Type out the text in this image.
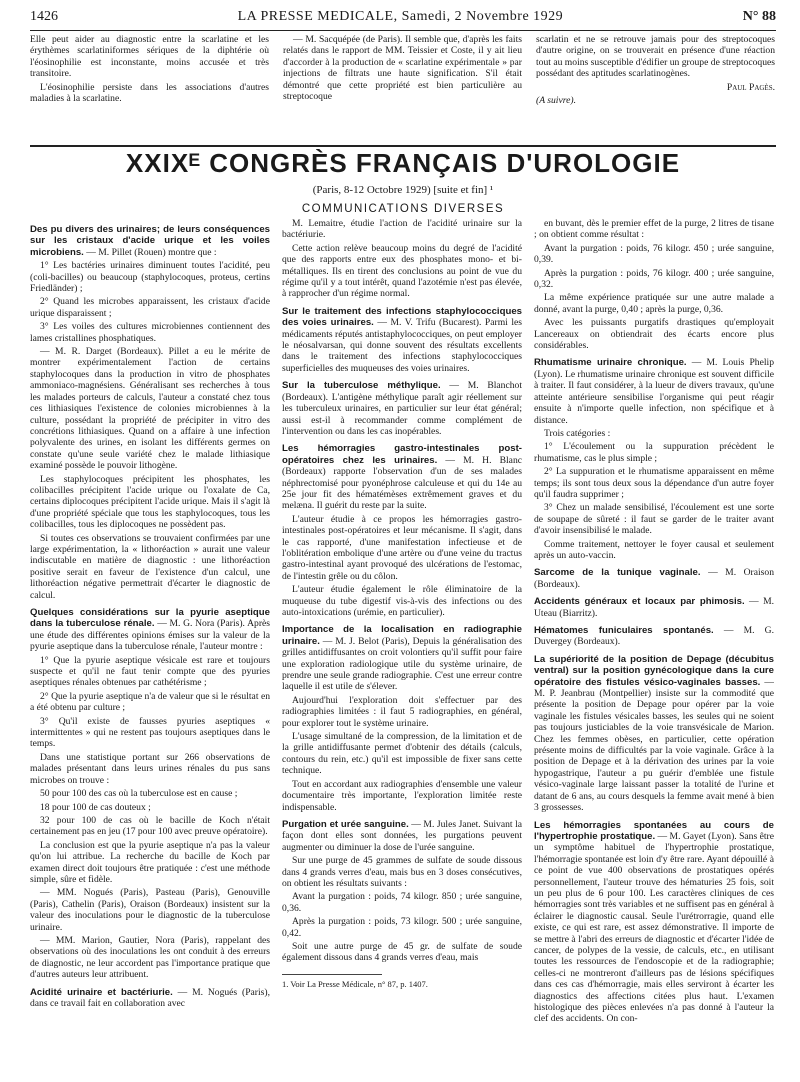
1426	LA PRESSE MEDICALE, Samedi, 2 Novembre 1929	N° 88

Elle peut aider au diagnostic entre la scarlatine et les érythèmes scarlatiniformes sériques de la diphtérie où l'éosinophilie est inconstante, moins accusée et très transitoire.

L'éosinophilie persiste dans les associations d'autres maladies à la scarlatine.

— M. Sacquépée (de Paris). Il semble que, d'après les faits relatés dans le rapport de MM. Teissier et Coste, il y ait lieu d'accorder à la production de « scarlatine expérimentale » par injections de filtrats une haute signification. S'il était démontré que cette propriété est bien particulière au streptocoque

scarlatin et ne se retrouve jamais pour des streptocoques d'autre origine, on se trouverait en présence d'une réaction tout au moins susceptible d'édifier un groupe de streptocoques possédant des aptitudes scarlatinogènes.

Paul Pagès.

(A suivre).

XXIXᴱ CONGRÈS FRANÇAIS D'UROLOGIE
(Paris, 8-12 Octobre 1929) [suite et fin] ¹
COMMUNICATIONS DIVERSES

Des pu divers des urinaires; de leurs conséquences sur les cristaux d'acide urique et les voiles microbiens. — M. Pillet (Rouen) montre que :

1° Les bactéries urinaires diminuent toutes l'acidité, peu (coli-bacilles) ou beaucoup (staphylocoques, proteus, certins Friedländer) ;

2° Quand les microbes apparaissent, les cristaux d'acide urique disparaissent ;

3° Les voiles des cultures microbiennes contiennent des lames cristallines phosphatiques.

— M. R. Darget (Bordeaux). Pillet a eu le mérite de montrer expérimentalement l'action de certains staphylocoques dans la production in vitro de phosphates ammoniaco-magnésiens. Généralisant ses recherches à tous les malades porteurs de calculs, l'auteur a constaté chez tous ces lithiasiques l'existence de colonies microbiennes à la culture, possédant la propriété de précipiter in vitro des concrétions lithiasiques. Quand on a affaire à une infection polyvalente des urines, en isolant les différents germes on constate qu'une seule variété chez le malade lithiasique examiné possède le pouvoir lithogène.

Les staphylocoques précipitent les phosphates, les colibacilles précipitent l'acide urique ou l'oxalate de Ca, certains diplocoques précipitent l'acide urique. Mais il s'agit là d'une propriété spéciale que tous les staphylocoques, tous les colibacilles, tous les diplocoques ne possèdent pas.

Si toutes ces observations se trouvaient confirmées par une large expérimentation, la « lithoréaction » aurait une valeur indiscutable en matière de diagnostic : une lithoréaction positive serait en faveur de l'existence d'un calcul, une lithoréaction négative permettrait d'écarter le diagnostic de calcul.

Quelques considérations sur la pyurie aseptique dans la tuberculose rénale. — M. G. Nora (Paris). Après une étude des différentes opinions émises sur la valeur de la pyurie aseptique dans la tuberculose rénale, l'auteur montre :

1° Que la pyurie aseptique vésicale est rare et toujours suspecte et qu'il ne faut tenir compte que des pyuries aseptiques rénales obtenues par cathétérisme ;

2° Que la pyurie aseptique n'a de valeur que si le résultat en a été obtenu par culture ;

3° Qu'il existe de fausses pyuries aseptiques « intermittentes » qui ne restent pas toujours aseptiques dans le temps.

Dans une statistique portant sur 266 observations de malades présentant dans leurs urines rénales du pus sans microbes on trouve :

50 pour 100 des cas où la tuberculose est en cause ;

18 pour 100 de cas douteux ;

32 pour 100 de cas où le bacille de Koch n'était certainement pas en jeu (17 pour 100 avec preuve opératoire).

La conclusion est que la pyurie aseptique n'a pas la valeur qu'on lui attribue. La recherche du bacille de Koch par examen direct doit toujours être pratiquée : c'est une méthode simple, sûre et fidèle.

— MM. Nogués (Paris), Pasteau (Paris), Genouville (Paris), Cathelin (Paris), Oraison (Bordeaux) insistent sur la valeur des inoculations pour le diagnostic de la tuberculose urinaire.

— MM. Marion, Gautier, Nora (Paris), rappelant des observations où des inoculations les ont conduit à des erreurs de diagnostic, ne leur accordent pas l'importance pratique que d'autres auteurs leur attribuent.

Acidité urinaire et bactériurie. — M. Nogués (Paris), dans ce travail fait en collaboration avec

M. Lemaitre, étudie l'action de l'acidité urinaire sur la bactériurie.

Cette action relève beaucoup moins du degré de l'acidité que des rapports entre eux des phosphates mono- et bi-métalliques. Ils en tirent des conclusions au point de vue du régime qu'il y a tout intérêt, quand l'azotémie n'est pas élevée, à rapprocher d'un régime normal.

Sur le traitement des infections staphylococciques des voies urinaires. — M. V. Trifu (Bucarest). Parmi les médicaments réputés antistaphylococciques, on peut employer le néosalvarsan, qui donne souvent des résultats excellents dans le traitement des infections staphylococciques superficielles des muqueuses des voies urinaires.

Sur la tuberculose méthylique. — M. Blanchot (Bordeaux). L'antigène méthylique paraît agir réellement sur les tuberculeux urinaires, en particulier sur leur état général; aussi est-il à recommander comme complément de l'intervention ou dans les cas inopérables.

Les hémorragies gastro-intestinales post-opératoires chez les urinaires. — M. H. Blanc (Bordeaux) rapporte l'observation d'un de ses malades néphrectomisé pour pyonéphrose calculeuse et qui du 14e au 25e jour fit des hématémèses extrêmement graves et du melæna. Il guérit du reste par la suite.

L'auteur étudie à ce propos les hémorragies gastro-intestinales post-opératoires et leur mécanisme. Il s'agit, dans le cas rapporté, d'une manifestation infectieuse et de l'oblitération embolique d'une artère ou d'une veine du tractus gastro-intestinal ayant provoqué des ulcérations de l'estomac, de l'intestin grêle ou du côlon.

L'auteur étudie également le rôle éliminatoire de la muqueuse du tube digestif vis-à-vis des infections ou des auto-intoxications (urémie, en particulier).

Importance de la localisation en radiographie urinaire. — M. J. Belot (Paris), Depuis la généralisation des grilles antidiffusantes on croit volontiers qu'il suffit pour faire une exploration radiologique utile du système urinaire, de prendre une seule grande radiographie. C'est une erreur contre laquelle il est utile de s'élever.

Aujourd'hui l'exploration doit s'effectuer par des radiographies limitées : il faut 5 radiographies, en général, pour explorer tout le système urinaire.

L'usage simultané de la compression, de la limitation et de la grille antidiffusante permet d'obtenir des détails (calculs, contours du rein, etc.) qu'il est impossible de fixer sans cette technique.

Tout en accordant aux radiographies d'ensemble une valeur documentaire très importante, l'exploration limitée reste indispensable.

Purgation et urée sanguine. — M. Jules Janet. Suivant la façon dont elles sont données, les purgations peuvent augmenter ou diminuer la dose de l'urée sanguine.

Sur une purge de 45 grammes de sulfate de soude dissous dans 4 grands verres d'eau, mais bus en 3 doses consécutives, on obtient les résultats suivants :

Avant la purgation : poids, 74 kilogr. 850 ; urée sanguine, 0,36.

Après la purgation : poids, 73 kilogr. 500 ; urée sanguine, 0,42.

Soit une autre purge de 45 gr. de sulfate de soude également dissous dans 4 grands verres d'eau, mais

1. Voir La Presse Médicale, n° 87, p. 1407.

en buvant, dès le premier effet de la purge, 2 litres de tisane ; on obtient comme résultat :

Avant la purgation : poids, 76 kilogr. 450 ; urée sanguine, 0,39.

Après la purgation : poids, 76 kilogr. 400 ; urée sanguine, 0,32.

La même expérience pratiquée sur une autre malade a donné, avant la purge, 0,40 ; après la purge, 0,36.

Avec les puissants purgatifs drastiques qu'employait Lancereaux on obtiendrait des écarts encore plus considérables.

Rhumatisme urinaire chronique. — M. Louis Phelip (Lyon). Le rhumatisme urinaire chronique est souvent difficile à traiter. Il faut considérer, à la lueur de divers travaux, qu'une atteinte antérieure sensibilise l'organisme qui peut réagir ensuite à n'importe quelle infection, non spécifique et à distance.

Trois catégories :

1° L'écoulement ou la suppuration précèdent le rhumatisme, cas le plus simple ;

2° La suppuration et le rhumatisme apparaissent en même temps; ils sont tous deux sous la dépendance d'un autre foyer qu'il faudra supprimer ;

3° Chez un malade sensibilisé, l'écoulement est une sorte de soupape de sûreté : il faut se garder de le traiter avant d'avoir insensibilisé le malade.

Comme traitement, nettoyer le foyer causal et seulement après un auto-vaccin.

Sarcome de la tunique vaginale. — M. Oraison (Bordeaux).

Accidents généraux et locaux par phimosis. — M. Uteau (Biarritz).

Hématomes funiculaires spontanés. — M. G. Duvergey (Bordeaux).

La supériorité de la position de Depage (décubitus ventral) sur la position gynécologique dans la cure opératoire des fistules vésico-vaginales basses. — M. P. Jeanbrau (Montpellier) insiste sur la commodité que présente la position de Depage pour opérer par la voie vaginale les fistules vésicales basses, les seules qui ne soient pas toujours justiciables de la voie transvésicale de Marion. Chez les femmes obèses, en particulier, cette opération présente moins de difficultés par la voie vaginale. Grâce à la position de Depage et à la dérivation des urines par la voie hypogastrique, l'auteur a pu guérir d'emblée une fistule vésico-vaginale large laissant passer la totalité de l'urine et datant de 6 ans, au cours desquels la femme avait mené à bien 3 grossesses.

Les hémorragies spontanées au cours de l'hypertrophie prostatique. — M. Gayet (Lyon). Sans être un symptôme habituel de l'hypertrophie prostatique, l'hémorragie spontanée est loin d'y être rare. Ayant dépouillé à ce point de vue 400 observations de prostatiques opérés personnellement, l'auteur trouve des hématuries 25 fois, soit un peu plus de 6 pour 100. Les caractères cliniques de ces hémorragies sont très variables et ne suffisent pas en général à éclairer le diagnostic causal. Seule l'urétrorragie, quand elle existe, ce qui est rare, est assez démonstrative. Il importe de se mettre à l'abri des erreurs de diagnostic et d'écarter l'idée de cancer, de polypes de la vessie, de calculs, etc., en utilisant toutes les ressources de l'endoscopie et de la radiographie; celles-ci ne montreront d'ailleurs pas de lésions spécifiques dans ces cas d'hémorragie, mais elles serviront à écarter les diagnostics des affections citées plus haut. L'examen histologique des pièces enlevées n'a pas donné à l'auteur la clef des accidents. On con-
